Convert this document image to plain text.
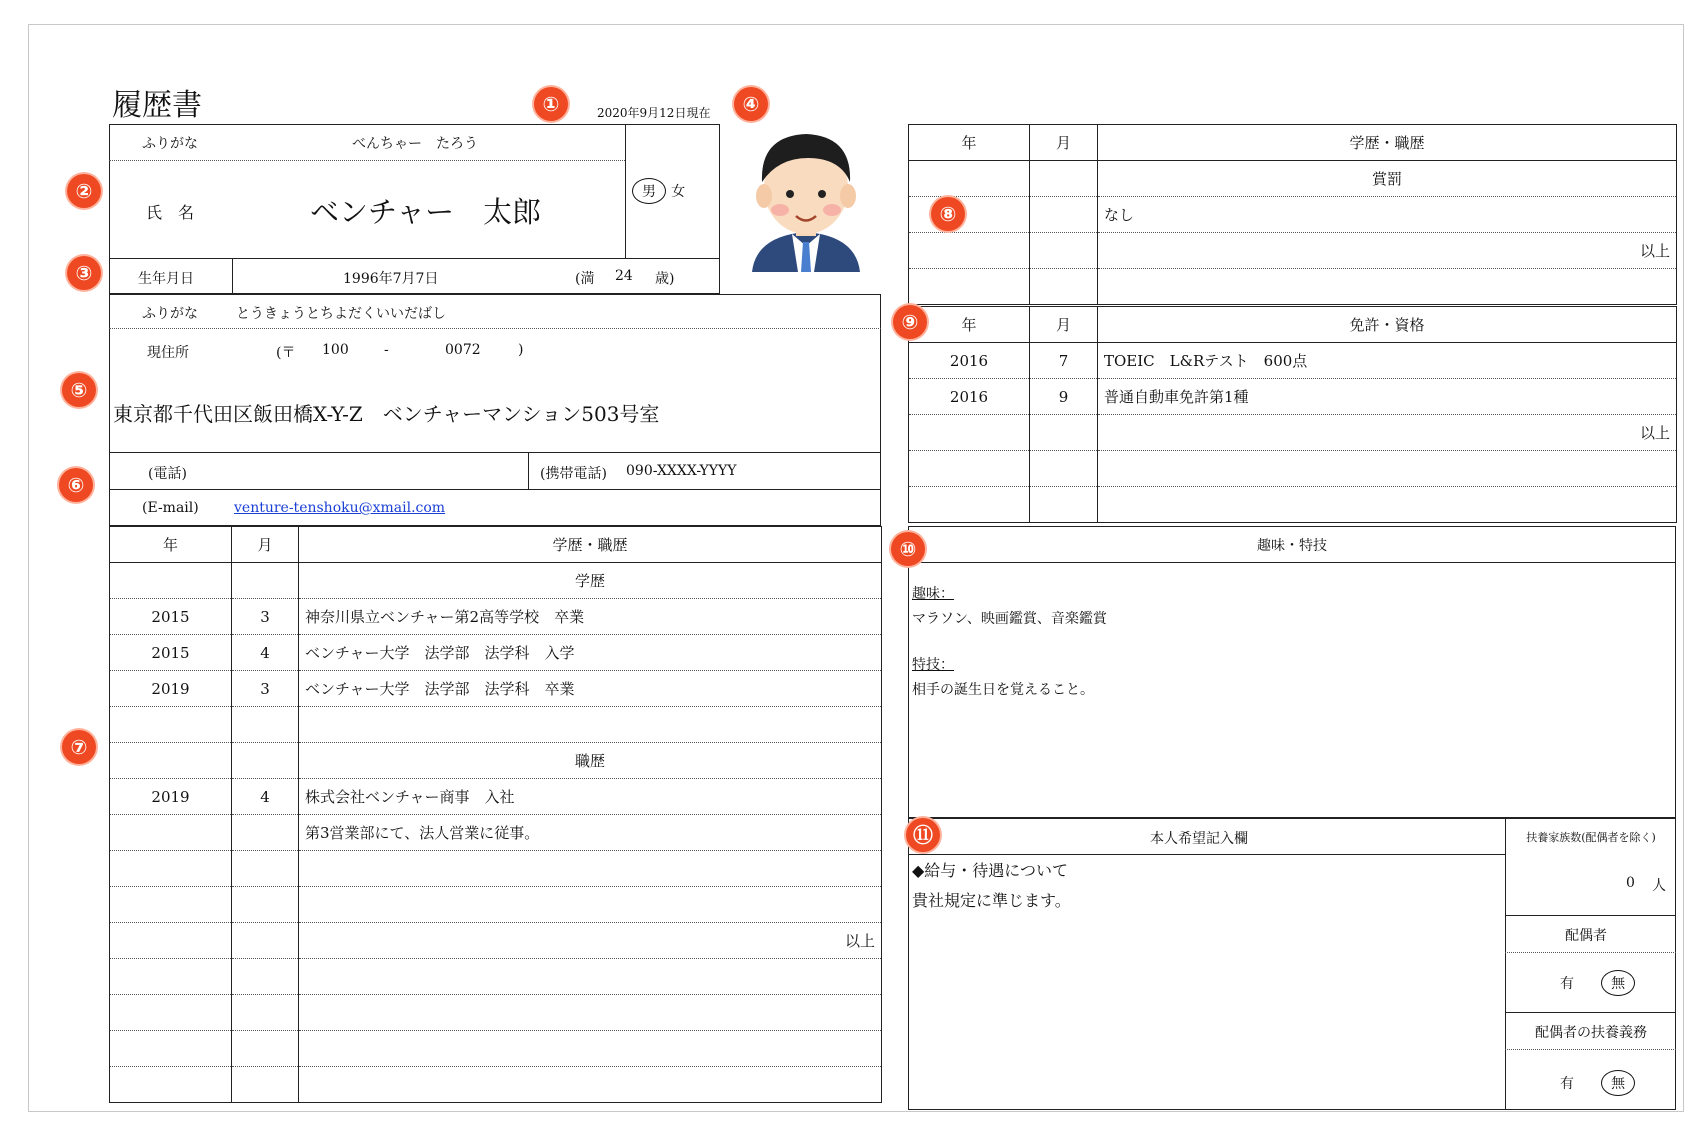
履歴書	2020年9月12日現在
ふりがな	べんちゃー　たろう
氏　名	ベンチャー　太郎
男 女
生年月日	1996年7月7日	(満 24 歳)
ふりがな	とうきょうとちよだくいいだばし
現住所	(〒 100	-	0072	)
東京都千代田区飯田橋X-Y-Z　ベンチャーマンション503号室
(電話)	(携帯電話) 090-XXXX-YYYY
(E-mail)	venture-tenshoku@xmail.com
年	月	学歴・職歴
		学歴
2015	3	神奈川県立ベンチャー第2高等学校　卒業
2015	4	ベンチャー大学　法学部　法学科　入学
2019	3	ベンチャー大学　法学部　法学科　卒業

		職歴
2019	4	株式会社ベンチャー商事　入社
		第3営業部にて、法人営業に従事。

		以上

年	月	学歴・職歴
		賞罰
		なし
		以上

年	月	免許・資格
2016	7	TOEIC　L&Rテスト　600点
2016	9	普通自動車免許第1種
		以上

趣味・特技
趣味：
マラソン、映画鑑賞、音楽鑑賞
特技：
相手の誕生日を覚えること。
本人希望記入欄
◆給与・待遇について
貴社規定に準じます。
扶養家族数(配偶者を除く)
0 人
配偶者
有	無
配偶者の扶養義務
有	無
①
②
③
④
⑤
⑥
⑦
⑧
⑨
⑩
⑪
